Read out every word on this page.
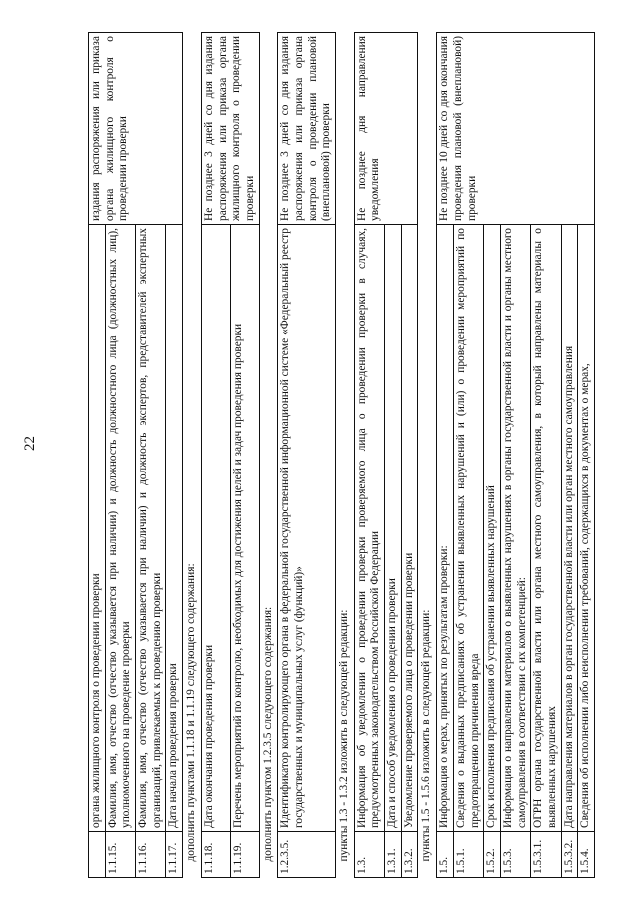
22
	органа жилищного контроля о проведении проверки	издания распоряжения или приказа органа жилищного контроля о проведении проверки
1.1.15.	Фамилия, имя, отчество (отчество указывается при наличии) и должность должностного лица (должностных лиц), уполномоченного на проведение проверки	
1.1.16.	Фамилия, имя, отчество (отчество указывается при наличии) и должность экспертов, представителей экспертных организаций, привлекаемых к проведению проверки	
1.1.17.	Дата начала проведения проверки	
дополнить пунктами 1.1.18 и 1.1.19 следующего содержания:		
1.1.18.	Дата окончания проведения проверки	Не позднее 3 дней со дня издания распоряжения или приказа органа жилищного контроля о проведении проверки
1.1.19.	Перечень мероприятий по контролю, необходимых для достижения целей и задач проведения проверки	
дополнить пунктом 1.2.3.5 следующего содержания:		
1.2.3.5.	Идентификатор контролирующего органа в федеральной государственной информационной системе «Федеральный реестр государственных и муниципальных услуг (функций)»	Не позднее 3 дней со дня издания распоряжения или приказа органа контроля о проведении плановой (внеплановой) проверки
пункты 1.3 - 1.3.2 изложить в следующей редакции:		
1.3.	Информация об уведомлении о проведении проверки проверяемого лица о проведении проверки в случаях, предусмотренных законодательством Российской Федерации	Не позднее дня направления уведомления
1.3.1.	Дата и способ уведомления о проведении проверки	
1.3.2.	Уведомление проверяемого лица о проведении проверки	
пункты 1.5 - 1.5.6 изложить в следующей редакции:		
1.5.	Информация о мерах, принятых по результатам проверки:	Не позднее 10 дней со дня окончания проведения плановой (внеплановой) проверки
1.5.1.	Сведения о выданных предписаниях об устранении выявленных нарушений и (или) о проведении мероприятий по предотвращению причинения вреда	
1.5.2.	Срок исполнения предписания об устранении выявленных нарушений	
1.5.3.	Информация о направлении материалов о выявленных нарушениях в органы государственной власти и органы местного самоуправления в соответствии с их компетенцией:	
1.5.3.1.	ОГРН органа государственной власти или органа местного самоуправления, в который направлены материалы о выявленных нарушениях	
1.5.3.2.	Дата направления материалов в орган государственной власти или орган местного самоуправления	
1.5.4.	Сведения об исполнении либо неисполнении требований, содержащихся в документах о мерах,	
